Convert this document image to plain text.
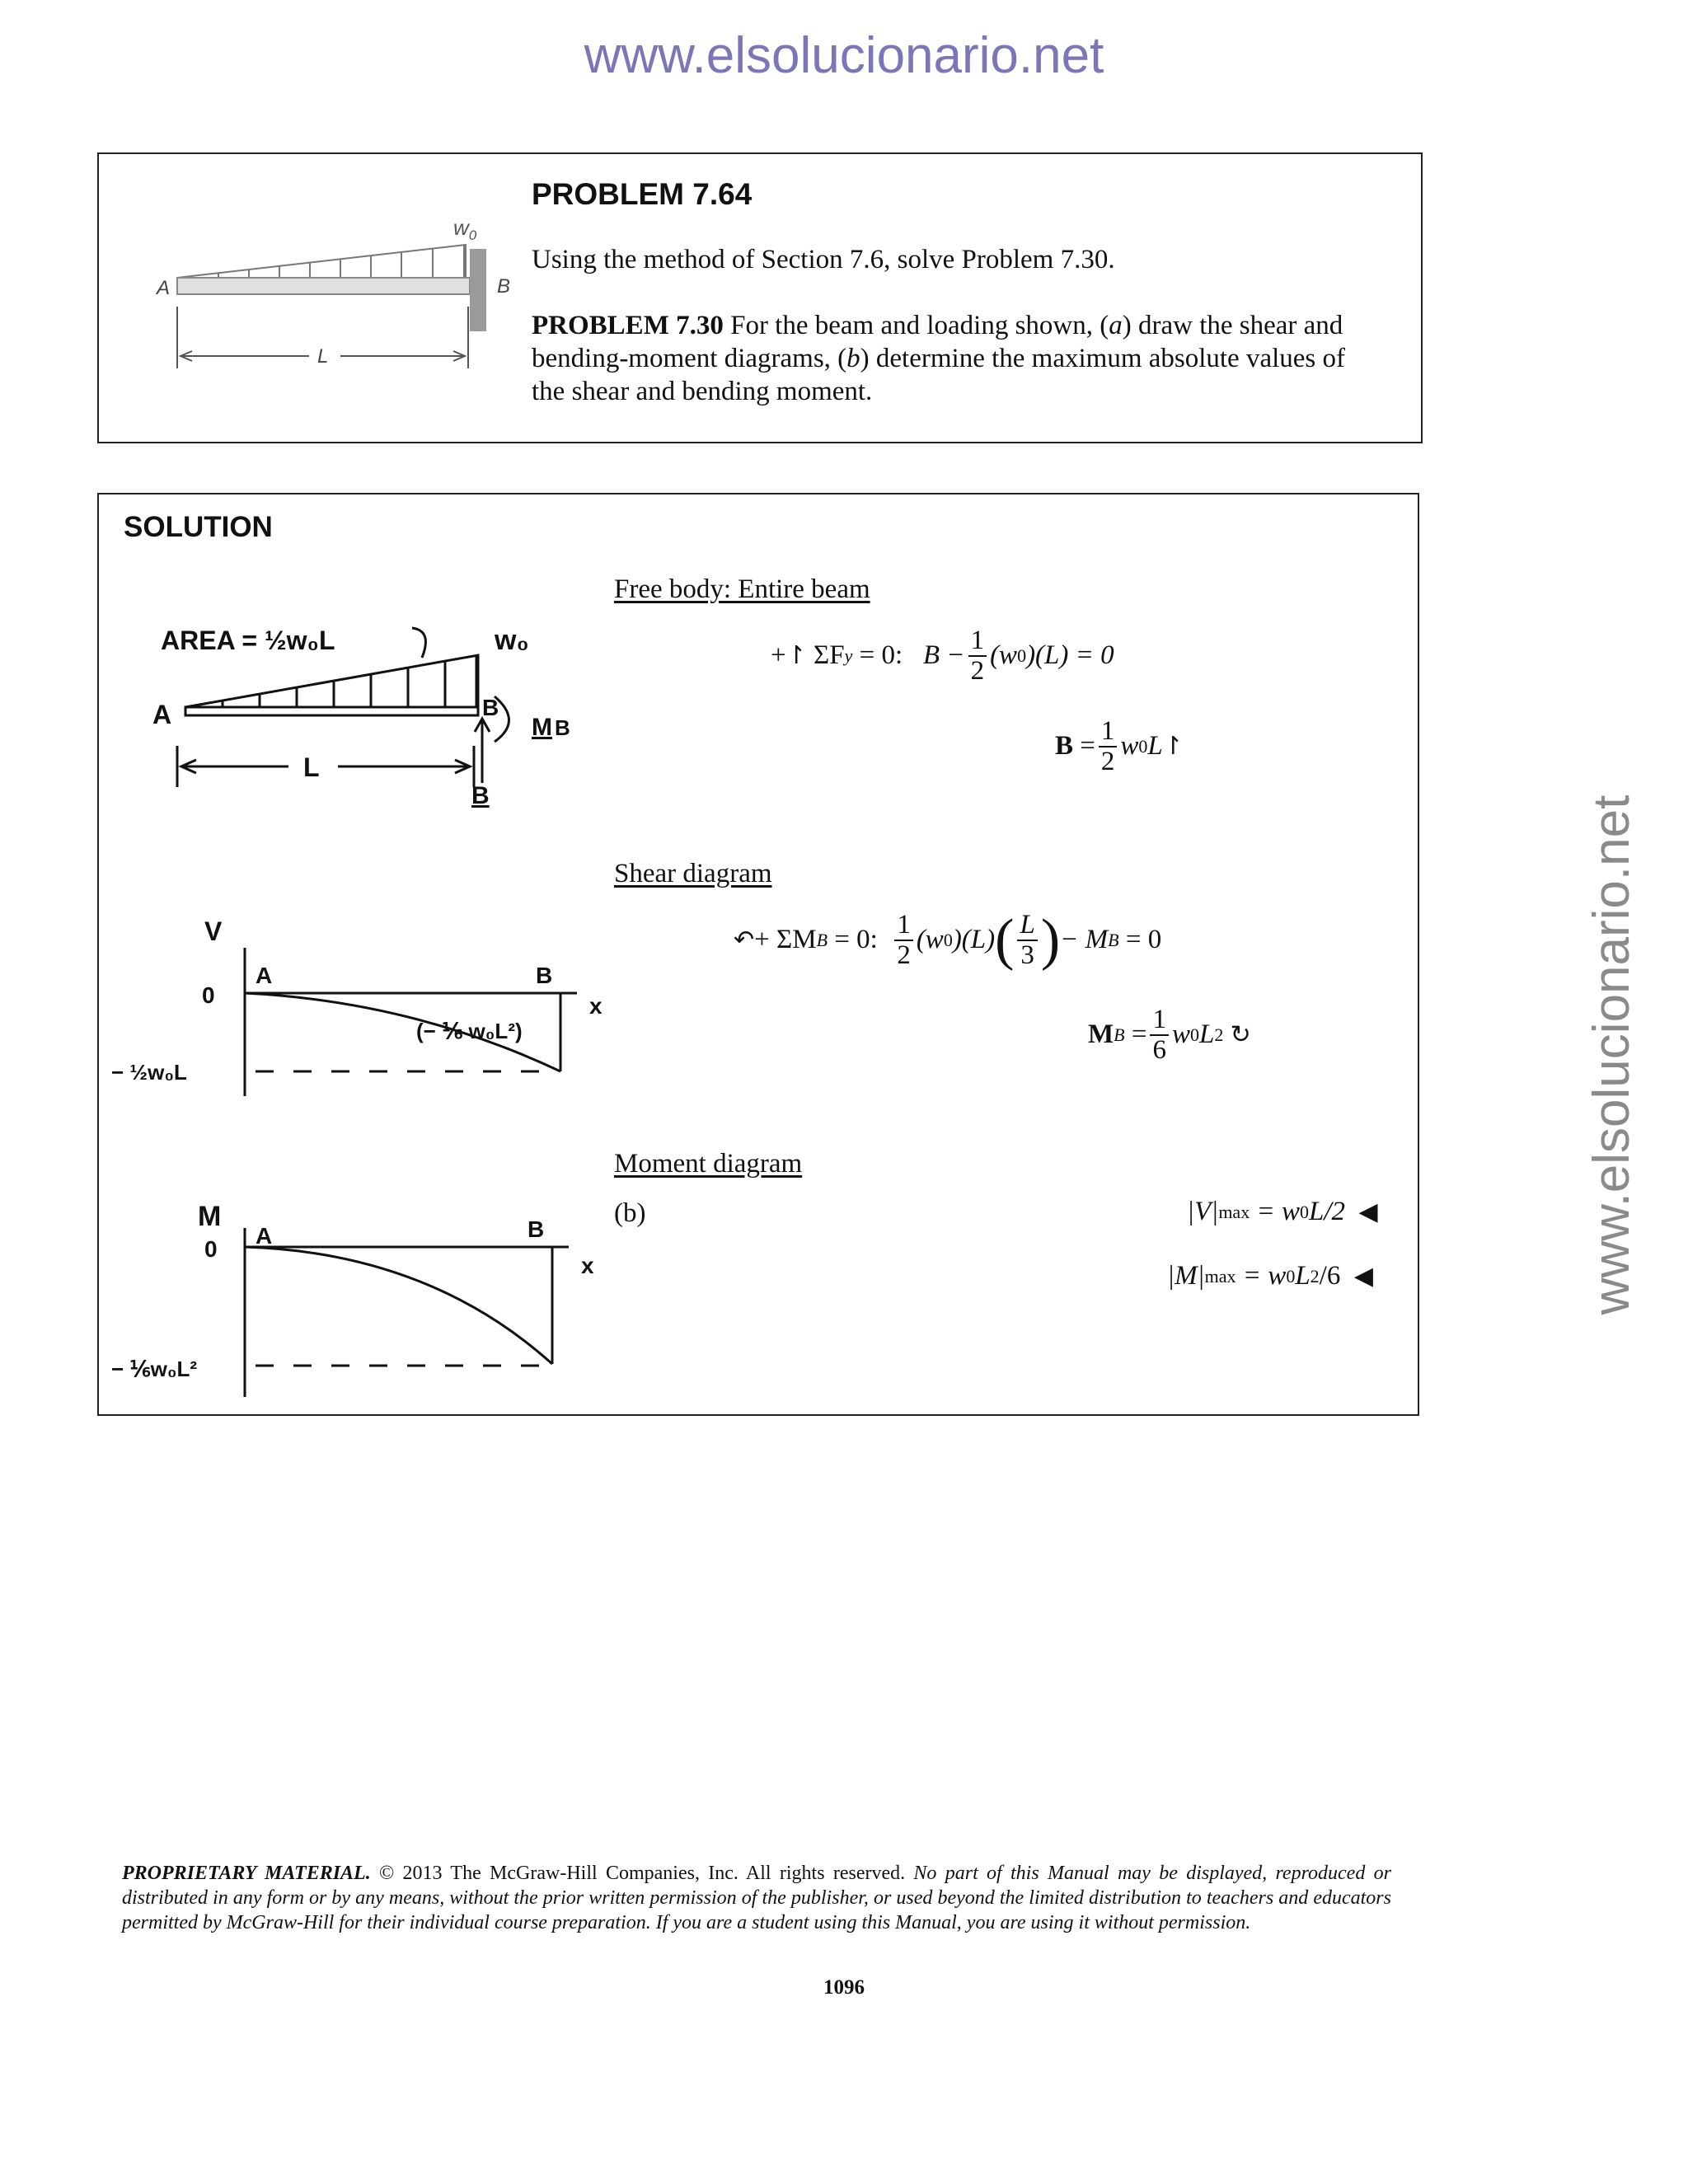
www.elsolucionario.net
www.elsolucionario.net
$w_0$
A	B
L
PROBLEM 7.64
Using the method of Section 7.6, solve Problem 7.30.
PROBLEM 7.30 For the beam and loading shown, (a) draw the shear and
bending-moment diagrams, (b) determine the maximum absolute values of
the shear and bending moment.
SOLUTION
AREA = ½w₀L	w₀
A	B
M B
B
L
Free body: Entire beam
+ ↾
ΣF y
= 0:
$B - \frac{1}{2} (w$ 0 )(L) = 0
B
= $\frac{1}{2}$ w 0 L ↾
V
0
A	B
x
(− ⅙ w₀L²)
− ½w₀L
Shear diagram
↶ +
ΣM B
= 0:
$\frac{1}{2} (w$ 0 )(L) ( $\frac{L}{3}$ ) − M B
= 0
M B
= $\frac{1}{6}$ w 0 L 2
↻
M
0
A	B
x
− ⅙w₀L²
Moment diagram
(b)	|V| max
= w 0 L/2
◀
|M| max
= w 0 L 2 /6
◀
PROPRIETARY MATERIAL. © 2013 The McGraw-Hill Companies, Inc. All rights reserved. No part of this Manual may be displayed, reproduced or distributed in any form or by any means, without the prior written permission of the publisher, or used beyond the limited distribution to teachers and educators permitted by McGraw-Hill for their individual course preparation. If you are a student using this Manual, you are using it without permission.
1096
